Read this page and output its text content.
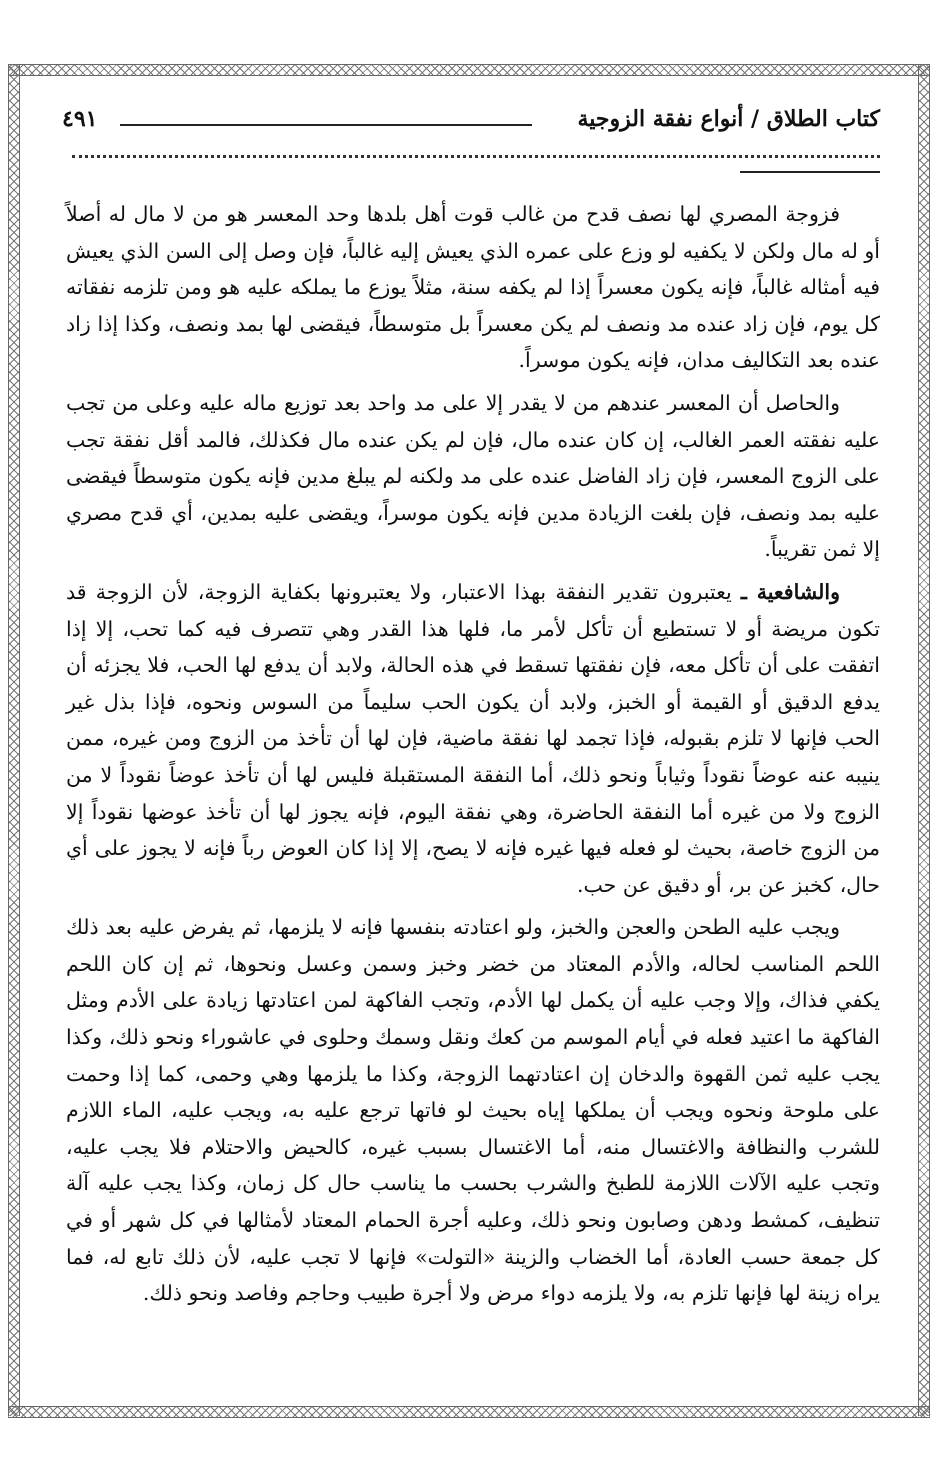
كتاب الطلاق / أنواع نفقة الزوجية
٤٩١

فزوجة المصري لها نصف قدح من غالب قوت أهل بلدها وحد المعسر هو من لا مال له أصلاً أو له مال ولكن لا يكفيه لو وزع على عمره الذي يعيش إليه غالباً، فإن وصل إلى السن الذي يعيش فيه أمثاله غالباً، فإنه يكون معسراً إذا لم يكفه سنة، مثلاً يوزع ما يملكه عليه هو ومن تلزمه نفقاته كل يوم، فإن زاد عنده مد ونصف لم يكن معسراً بل متوسطاً، فيقضى لها بمد ونصف، وكذا إذا زاد عنده بعد التكاليف مدان، فإنه يكون موسراً.

والحاصل أن المعسر عندهم من لا يقدر إلا على مد واحد بعد توزيع ماله عليه وعلى من تجب عليه نفقته العمر الغالب، إن كان عنده مال، فإن لم يكن عنده مال فكذلك، فالمد أقل نفقة تجب على الزوج المعسر، فإن زاد الفاضل عنده على مد ولكنه لم يبلغ مدين فإنه يكون متوسطاً فيقضى عليه بمد ونصف، فإن بلغت الزيادة مدين فإنه يكون موسراً، ويقضى عليه بمدين، أي قدح مصري إلا ثمن تقريباً.

والشافعية ـ يعتبرون تقدير النفقة بهذا الاعتبار، ولا يعتبرونها بكفاية الزوجة، لأن الزوجة قد تكون مريضة أو لا تستطيع أن تأكل لأمر ما، فلها هذا القدر وهي تتصرف فيه كما تحب، إلا إذا اتفقت على أن تأكل معه، فإن نفقتها تسقط في هذه الحالة، ولابد أن يدفع لها الحب، فلا يجزئه أن يدفع الدقيق أو القيمة أو الخبز، ولابد أن يكون الحب سليماً من السوس ونحوه، فإذا بذل غير الحب فإنها لا تلزم بقبوله، فإذا تجمد لها نفقة ماضية، فإن لها أن تأخذ من الزوج ومن غيره، ممن ينيبه عنه عوضاً نقوداً وثياباً ونحو ذلك، أما النفقة المستقبلة فليس لها أن تأخذ عوضاً نقوداً لا من الزوج ولا من غيره أما النفقة الحاضرة، وهي نفقة اليوم، فإنه يجوز لها أن تأخذ عوضها نقوداً إلا من الزوج خاصة، بحيث لو فعله فيها غيره فإنه لا يصح، إلا إذا كان العوض رباً فإنه لا يجوز على أي حال، كخبز عن بر، أو دقيق عن حب.

ويجب عليه الطحن والعجن والخبز، ولو اعتادته بنفسها فإنه لا يلزمها، ثم يفرض عليه بعد ذلك اللحم المناسب لحاله، والأدم المعتاد من خضر وخبز وسمن وعسل ونحوها، ثم إن كان اللحم يكفي فذاك، وإلا وجب عليه أن يكمل لها الأدم، وتجب الفاكهة لمن اعتادتها زيادة على الأدم ومثل الفاكهة ما اعتيد فعله في أيام الموسم من كعك ونقل وسمك وحلوى في عاشوراء ونحو ذلك، وكذا يجب عليه ثمن القهوة والدخان إن اعتادتهما الزوجة، وكذا ما يلزمها وهي وحمى، كما إذا وحمت على ملوحة ونحوه ويجب أن يملكها إياه بحيث لو فاتها ترجع عليه به، ويجب عليه، الماء اللازم للشرب والنظافة والاغتسال منه، أما الاغتسال بسبب غيره، كالحيض والاحتلام فلا يجب عليه، وتجب عليه الآلات اللازمة للطبخ والشرب بحسب ما يناسب حال كل زمان، وكذا يجب عليه آلة تنظيف، كمشط ودهن وصابون ونحو ذلك، وعليه أجرة الحمام المعتاد لأمثالها في كل شهر أو في كل جمعة حسب العادة، أما الخضاب والزينة «التولت» فإنها لا تجب عليه، لأن ذلك تابع له، فما يراه زينة لها فإنها تلزم به، ولا يلزمه دواء مرض ولا أجرة طبيب وحاجم وفاصد ونحو ذلك.
